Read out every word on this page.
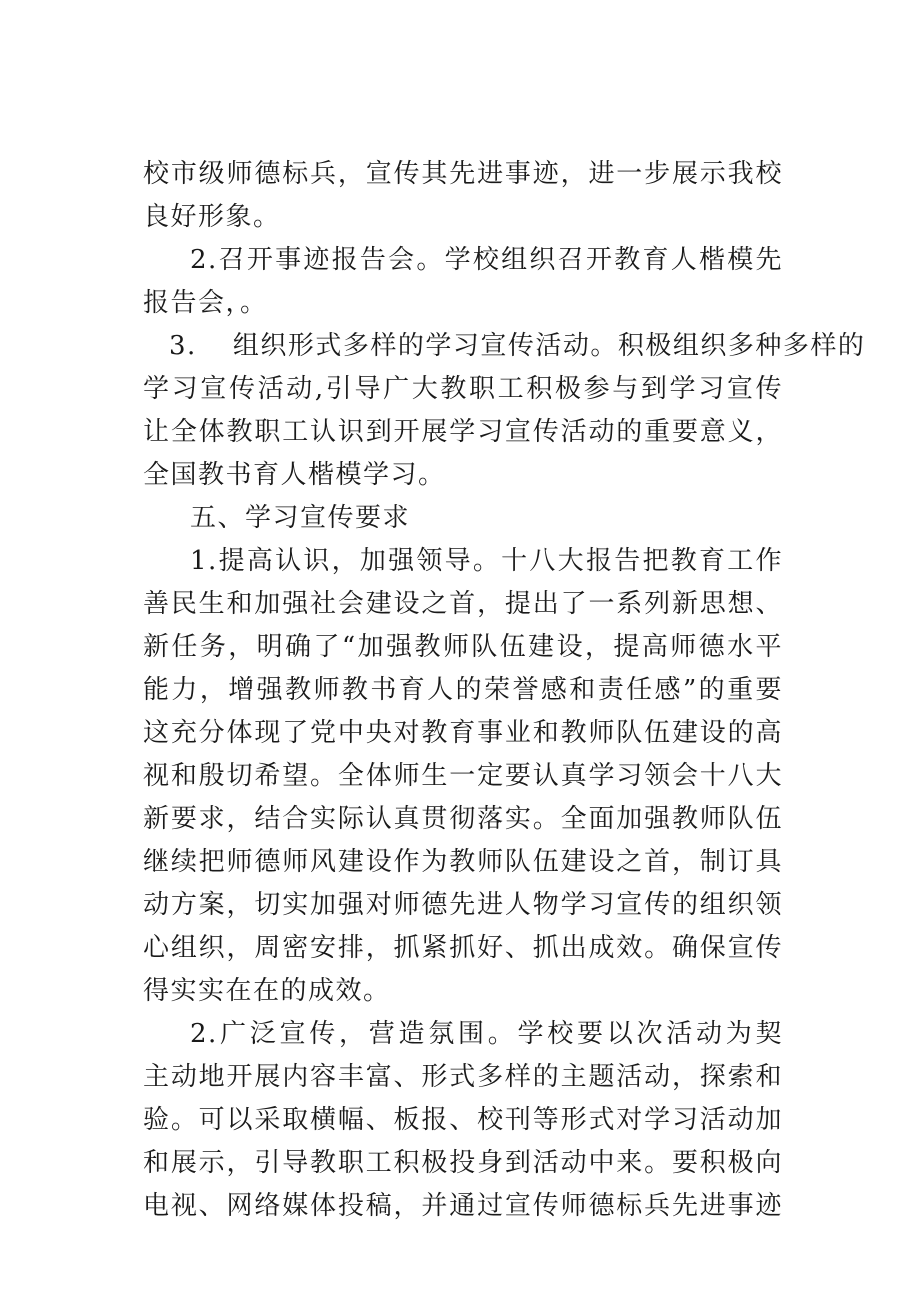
校市级师德标兵，宣传其先进事迹，进一步展示我校
良好形象。
2.召开事迹报告会。学校组织召开教育人楷模先
报告会，。
3. 组织形式多样的学习宣传活动。积极组织多种多样的
学习宣传活动,引导广大教职工积极参与到学习宣传
让全体教职工认识到开展学习宣传活动的重要意义，
全国教书育人楷模学习。
五、学习宣传要求
1.提高认识，加强领导。十八大报告把教育工作
善民生和加强社会建设之首，提出了一系列新思想、
新任务，明确了“加强教师队伍建设，提高师德水平
能力，增强教师教书育人的荣誉感和责任感”的重要
这充分体现了党中央对教育事业和教师队伍建设的高
视和殷切希望。全体师生一定要认真学习领会十八大
新要求，结合实际认真贯彻落实。全面加强教师队伍
继续把师德师风建设作为教师队伍建设之首，制订具
动方案，切实加强对师德先进人物学习宣传的组织领
心组织，周密安排，抓紧抓好、抓出成效。确保宣传
得实实在在的成效。
2.广泛宣传，营造氛围。学校要以次活动为契
主动地开展内容丰富、形式多样的主题活动，探索和
验。可以采取横幅、板报、校刊等形式对学习活动加
和展示，引导教职工积极投身到活动中来。要积极向
电视、网络媒体投稿，并通过宣传师德标兵先进事迹
